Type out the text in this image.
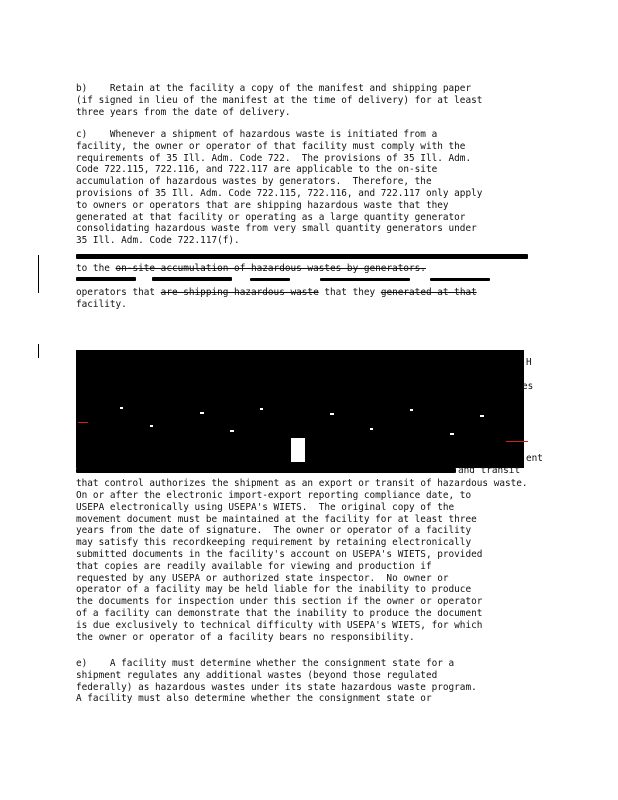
b)    Retain at the facility a copy of the manifest and shipping paper
(if signed in lieu of the manifest at the time of delivery) for at least
three years from the date of delivery.
c)    Whenever a shipment of hazardous waste is initiated from a
facility, the owner or operator of that facility must comply with the
requirements of 35 Ill. Adm. Code 722.  The provisions of 35 Ill. Adm.
Code 722.115, 722.116, and 722.117 are applicable to the on-site
accumulation of hazardous wastes by generators.  Therefore, the
provisions of 35 Ill. Adm. Code 722.115, 722.116, and 722.117 only apply
to owners or operators that are shipping hazardous waste that they
generated at that facility or operating as a large quantity generator
consolidating hazardous waste from very small quantity generators under
35 Ill. Adm. Code 722.117(f).
to the on-site accumulation of hazardous wastes by generators.
operators that are shipping hazardous waste that they generated at that
facility.
H
es
ent
and transit
that control authorizes the shipment as an export or transit of hazardous waste.
On or after the electronic import-export reporting compliance date, to
USEPA electronically using USEPA's WIETS.  The original copy of the
movement document must be maintained at the facility for at least three
years from the date of signature.  The owner or operator of a facility
may satisfy this recordkeeping requirement by retaining electronically
submitted documents in the facility's account on USEPA's WIETS, provided
that copies are readily available for viewing and production if
requested by any USEPA or authorized state inspector.  No owner or
operator of a facility may be held liable for the inability to produce
the documents for inspection under this section if the owner or operator
of a facility can demonstrate that the inability to produce the document
is due exclusively to technical difficulty with USEPA's WIETS, for which
the owner or operator of a facility bears no responsibility.
e)    A facility must determine whether the consignment state for a
shipment regulates any additional wastes (beyond those regulated
federally) as hazardous wastes under its state hazardous waste program.
A facility must also determine whether the consignment state or
